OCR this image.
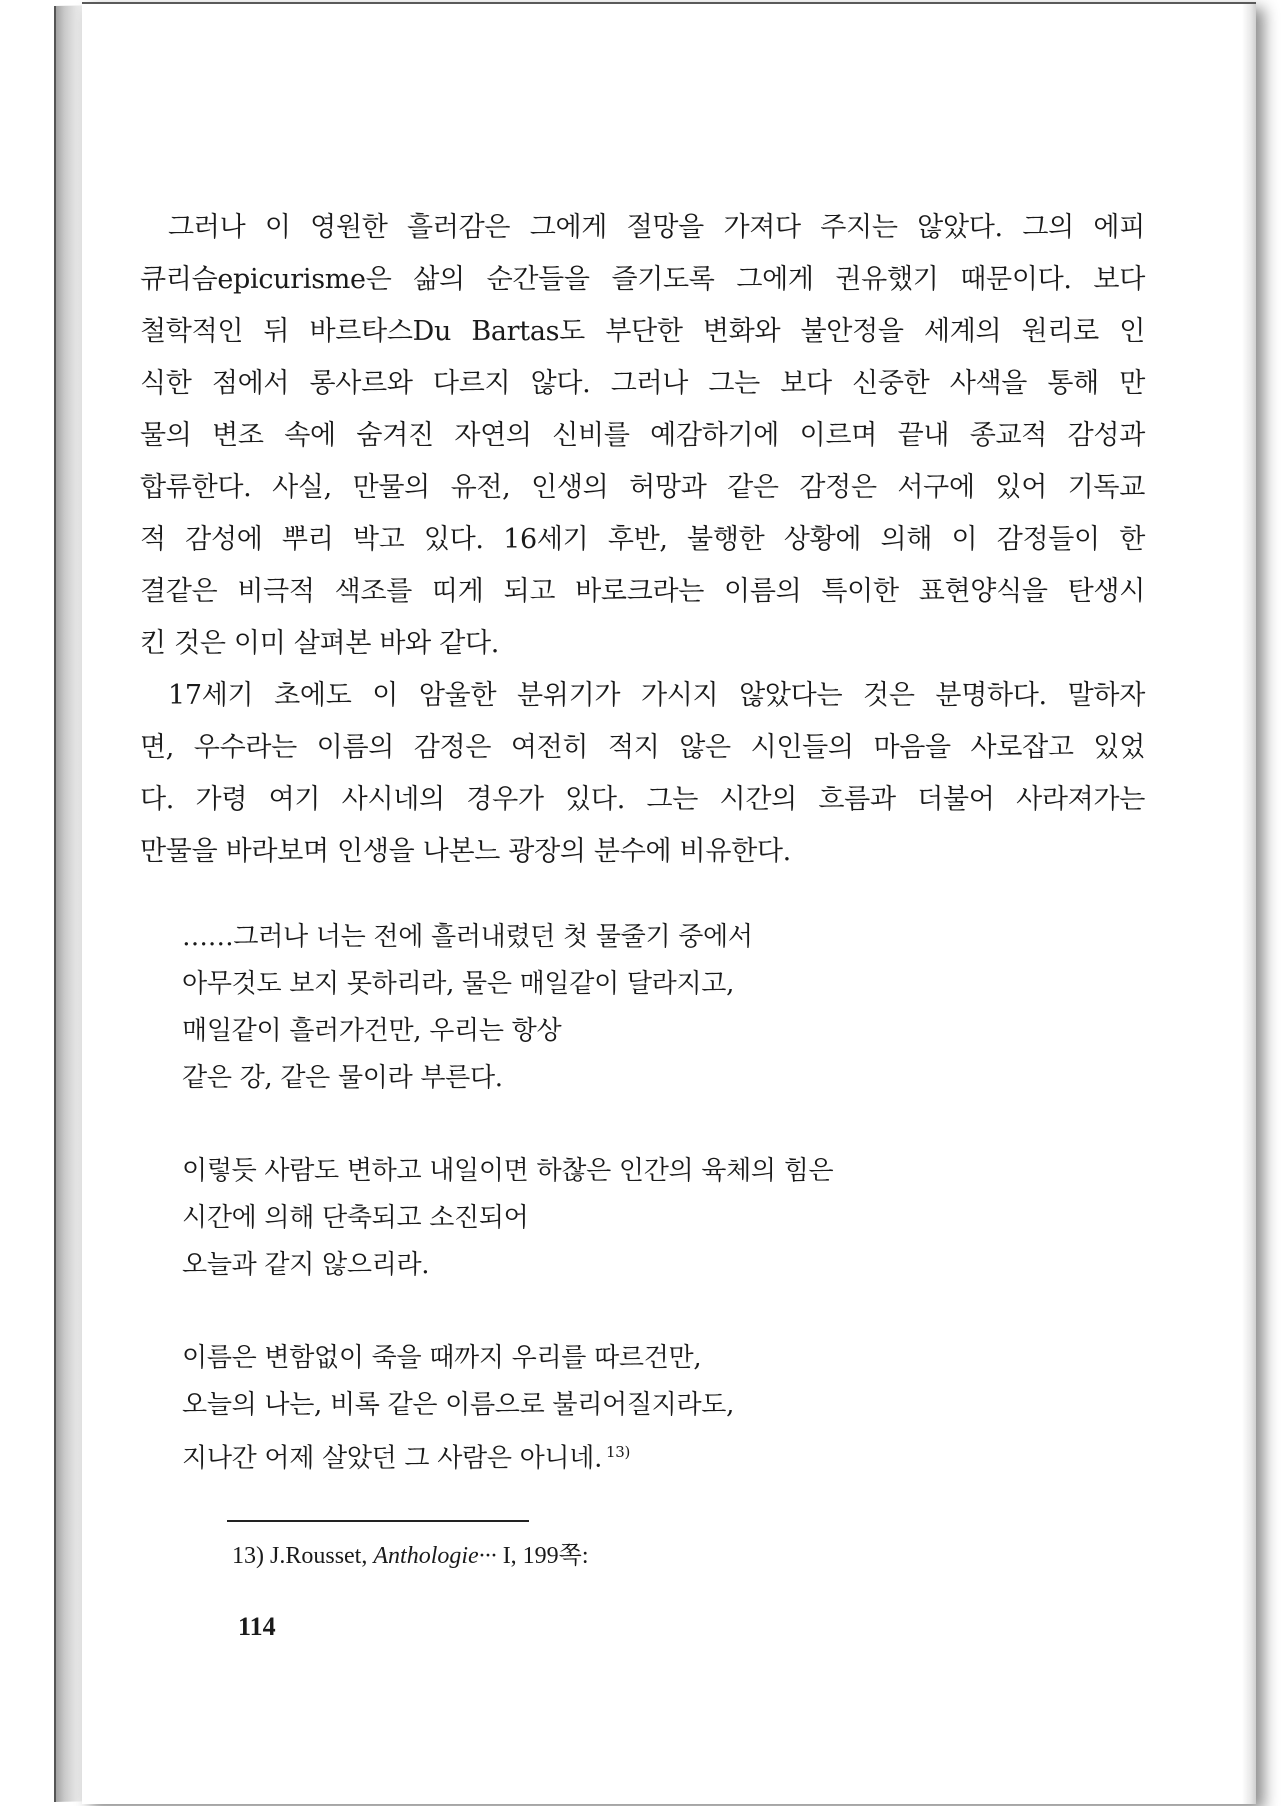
그러나 이 영원한 흘러감은 그에게 절망을 가져다 주지는 않았다. 그의 에피
큐리슴epicurisme은 삶의 순간들을 즐기도록 그에게 권유했기 때문이다. 보다
철학적인 뒤 바르타스Du Bartas도 부단한 변화와 불안정을 세계의 원리로 인
식한 점에서 롱사르와 다르지 않다. 그러나 그는 보다 신중한 사색을 통해 만
물의 변조 속에 숨겨진 자연의 신비를 예감하기에 이르며 끝내 종교적 감성과
합류한다. 사실, 만물의 유전, 인생의 허망과 같은 감정은 서구에 있어 기독교
적 감성에 뿌리 박고 있다. 16세기 후반, 불행한 상황에 의해 이 감정들이 한
결같은 비극적 색조를 띠게 되고 바로크라는 이름의 특이한 표현양식을 탄생시
킨 것은 이미 살펴본 바와 같다.
17세기 초에도 이 암울한 분위기가 가시지 않았다는 것은 분명하다. 말하자
면, 우수라는 이름의 감정은 여전히 적지 않은 시인들의 마음을 사로잡고 있었
다. 가령 여기 사시네의 경우가 있다. 그는 시간의 흐름과 더불어 사라져가는
만물을 바라보며 인생을 나본느 광장의 분수에 비유한다.
……그러나 너는 전에 흘러내렸던 첫 물줄기 중에서
아무것도 보지 못하리라, 물은 매일같이 달라지고,
매일같이 흘러가건만, 우리는 항상
같은 강, 같은 물이라 부른다.
이렇듯 사람도 변하고 내일이면 하찮은 인간의 육체의 힘은
시간에 의해 단축되고 소진되어
오늘과 같지 않으리라.
이름은 변함없이 죽을 때까지 우리를 따르건만,
오늘의 나는, 비록 같은 이름으로 불리어질지라도,
지나간 어제 살았던 그 사람은 아니네. $^{13)}$
13) J.Rousset, Anthologie··· I, 199쪽:
114
